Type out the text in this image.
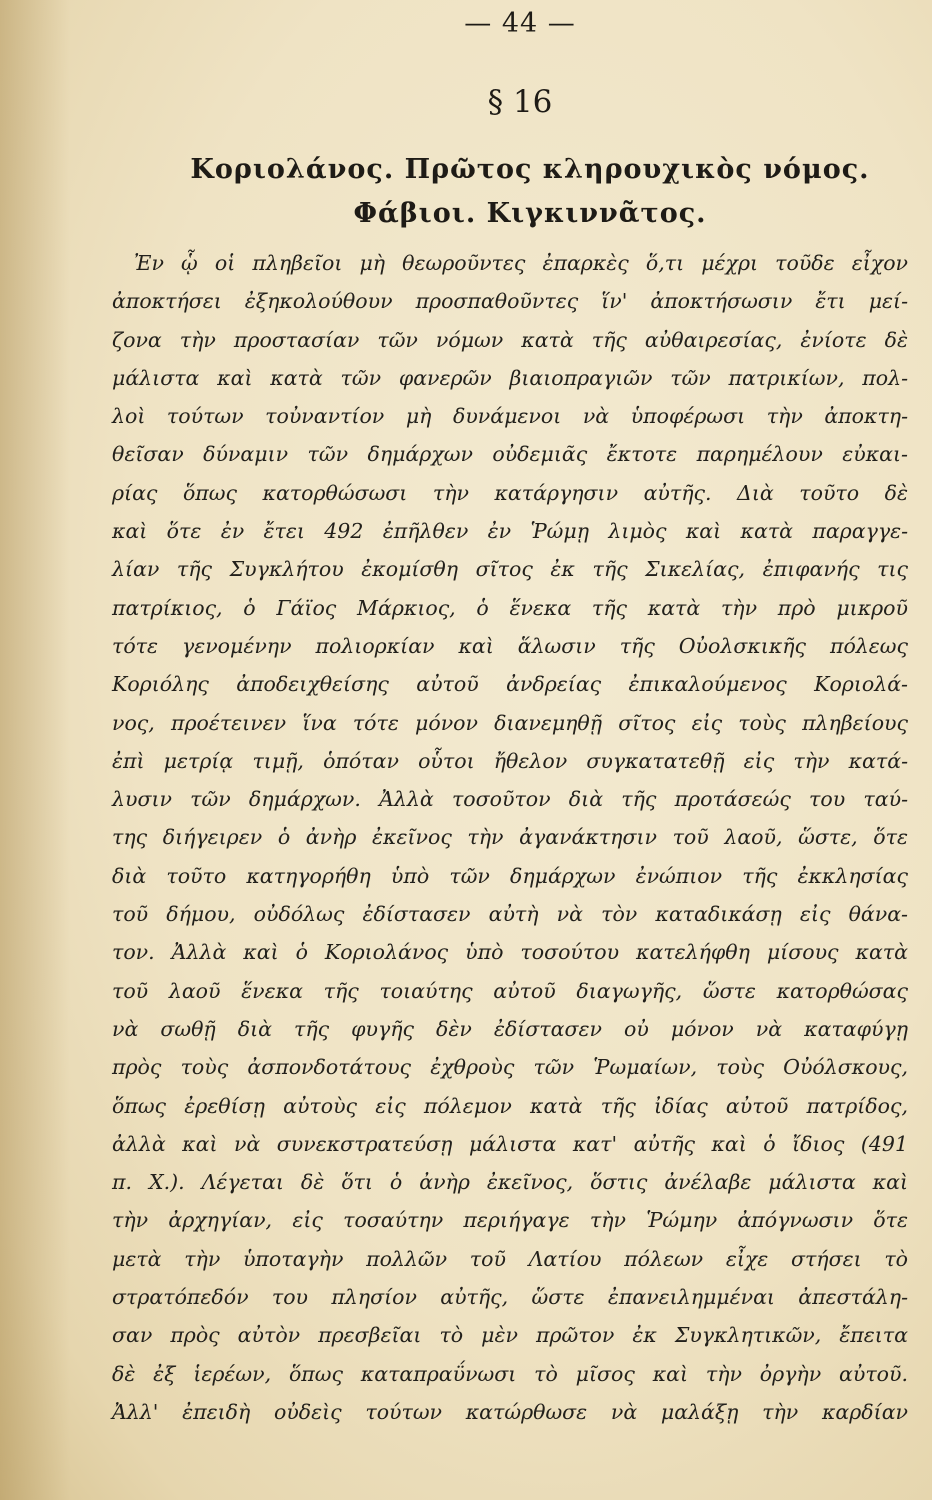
— 44 —
§ 16
Κοριολάνος. Πρῶτος κληρουχικὸς νόμος.
Φάβιοι. Κιγκιννᾶτος.
Ἐν ᾧ οἱ πληβεῖοι μὴ θεωροῦντες ἐπαρκὲς ὅ,τι μέχρι τοῦδε εἶχον
ἀποκτήσει ἐξηκολούθουν προσπαθοῦντες ἵν' ἀποκτήσωσιν ἔτι μεί-
ζονα τὴν προστασίαν τῶν νόμων κατὰ τῆς αὐθαιρεσίας, ἐνίοτε δὲ
μάλιστα καὶ κατὰ τῶν φανερῶν βιαιοπραγιῶν τῶν πατρικίων, πολ-
λοὶ τούτων τοὐναντίον μὴ δυνάμενοι νὰ ὑποφέρωσι τὴν ἀποκτη-
θεῖσαν δύναμιν τῶν δημάρχων οὐδεμιᾶς ἔκτοτε παρημέλουν εὐκαι-
ρίας ὅπως κατορθώσωσι τὴν κατάργησιν αὐτῆς. Διὰ τοῦτο δὲ
καὶ ὅτε ἐν ἔτει 492 ἐπῆλθεν ἐν Ῥώμῃ λιμὸς καὶ κατὰ παραγγε-
λίαν τῆς Συγκλήτου ἐκομίσθη σῖτος ἐκ τῆς Σικελίας, ἐπιφανής τις
πατρίκιος, ὁ Γάϊος Μάρκιος, ὁ ἕνεκα τῆς κατὰ τὴν πρὸ μικροῦ
τότε γενομένην πολιορκίαν καὶ ἅλωσιν τῆς Οὐολσκικῆς πόλεως
Κοριόλης ἀποδειχθείσης αὐτοῦ ἀνδρείας ἐπικαλούμενος Κοριολά-
νος, προέτεινεν ἵνα τότε μόνον διανεμηθῇ σῖτος εἰς τοὺς πληβείους
ἐπὶ μετρίᾳ τιμῇ, ὁπόταν οὗτοι ἤθελον συγκατατεθῇ εἰς τὴν κατά-
λυσιν τῶν δημάρχων. Ἀλλὰ τοσοῦτον διὰ τῆς προτάσεώς του ταύ-
της διήγειρεν ὁ ἀνὴρ ἐκεῖνος τὴν ἀγανάκτησιν τοῦ λαοῦ, ὥστε, ὅτε
διὰ τοῦτο κατηγορήθη ὑπὸ τῶν δημάρχων ἐνώπιον τῆς ἐκκλησίας
τοῦ δήμου, οὐδόλως ἐδίστασεν αὐτὴ νὰ τὸν καταδικάσῃ εἰς θάνα-
τον. Ἀλλὰ καὶ ὁ Κοριολάνος ὑπὸ τοσούτου κατελήφθη μίσους κατὰ
τοῦ λαοῦ ἕνεκα τῆς τοιαύτης αὐτοῦ διαγωγῆς, ὥστε κατορθώσας
νὰ σωθῇ διὰ τῆς φυγῆς δὲν ἐδίστασεν οὐ μόνον νὰ καταφύγῃ
πρὸς τοὺς ἀσπονδοτάτους ἐχθροὺς τῶν Ῥωμαίων, τοὺς Οὐόλσκους,
ὅπως ἐρεθίσῃ αὐτοὺς εἰς πόλεμον κατὰ τῆς ἰδίας αὐτοῦ πατρίδος,
ἀλλὰ καὶ νὰ συνεκστρατεύσῃ μάλιστα κατ' αὐτῆς καὶ ὁ ἴδιος (491
π. Χ.). Λέγεται δὲ ὅτι ὁ ἀνὴρ ἐκεῖνος, ὅστις ἀνέλαβε μάλιστα καὶ
τὴν ἀρχηγίαν, εἰς τοσαύτην περιήγαγε τὴν Ῥώμην ἀπόγνωσιν ὅτε
μετὰ τὴν ὑποταγὴν πολλῶν τοῦ Λατίου πόλεων εἶχε στήσει τὸ
στρατόπεδόν του πλησίον αὐτῆς, ὥστε ἐπανειλημμέναι ἀπεστάλη-
σαν πρὸς αὐτὸν πρεσβεῖαι τὸ μὲν πρῶτον ἐκ Συγκλητικῶν, ἔπειτα
δὲ ἐξ ἱερέων, ὅπως καταπραΰνωσι τὸ μῖσος καὶ τὴν ὀργὴν αὐτοῦ.
Ἀλλ' ἐπειδὴ οὐδεὶς τούτων κατώρθωσε νὰ μαλάξῃ τὴν καρδίαν
